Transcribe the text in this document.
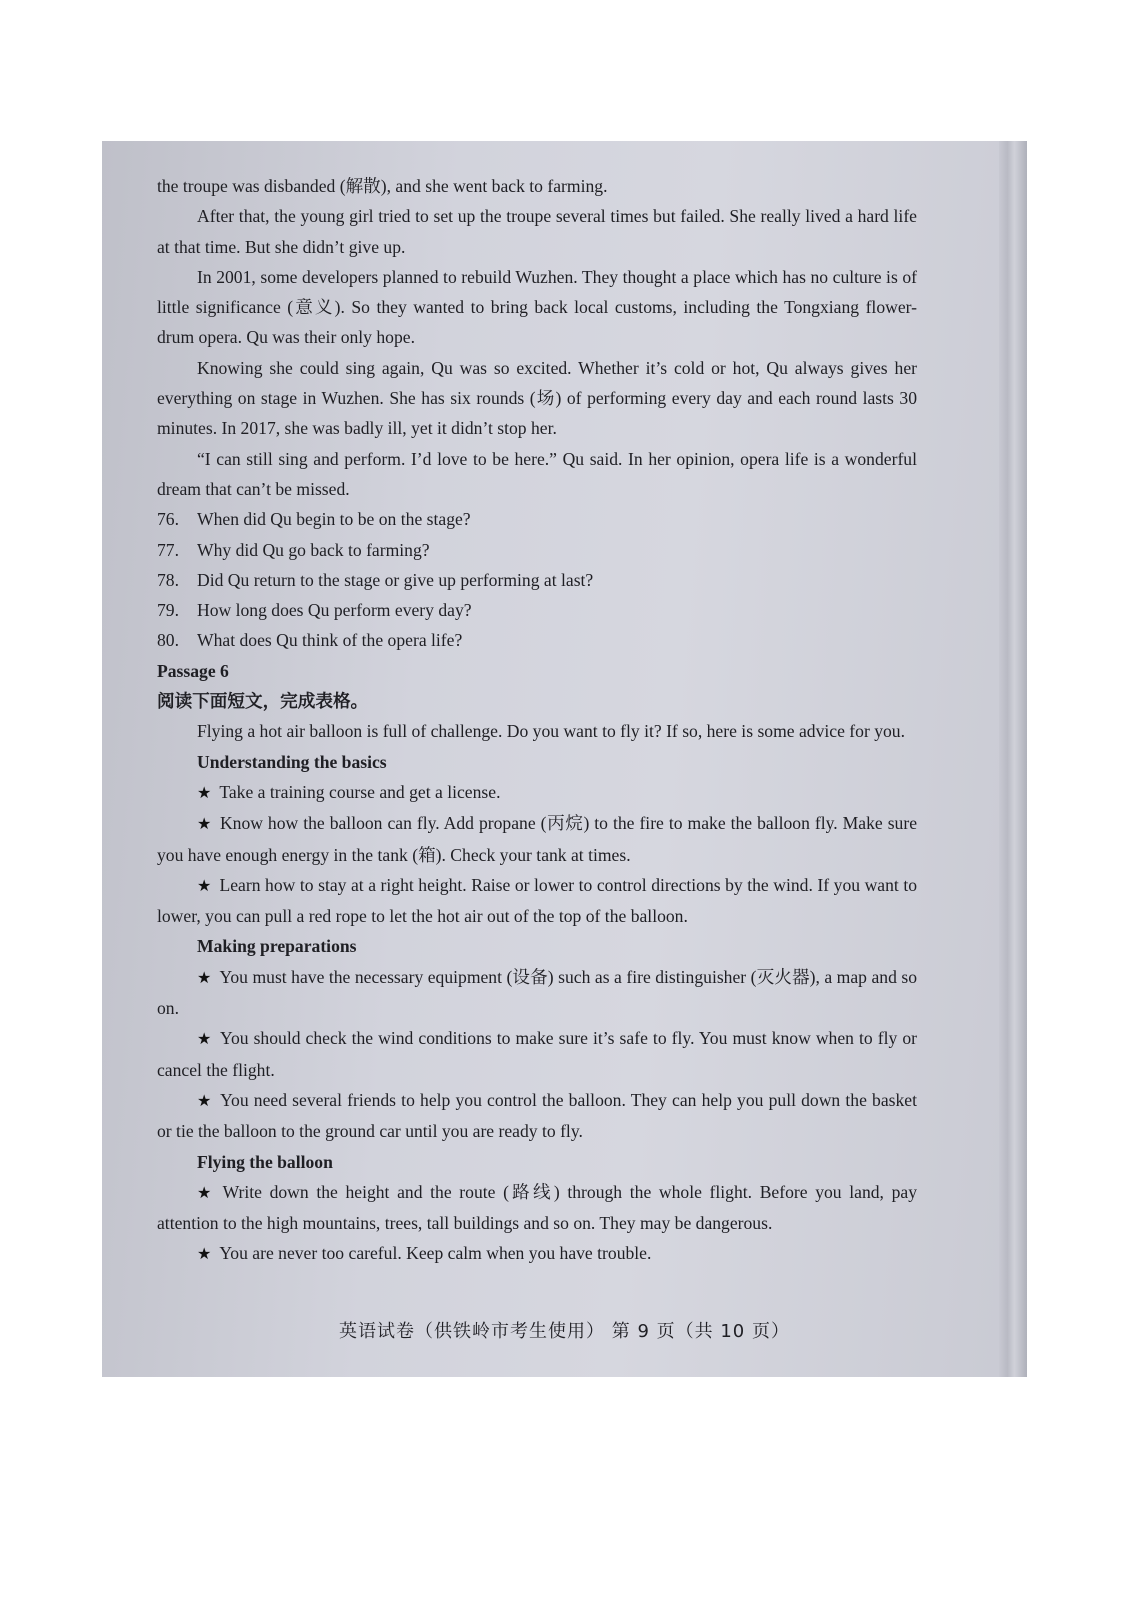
the troupe was disbanded (解散), and she went back to farming.

After that, the young girl tried to set up the troupe several times but failed. She really lived a hard life at that time. But she didn’t give up.

In 2001, some developers planned to rebuild Wuzhen. They thought a place which has no culture is of little significance (意义). So they wanted to bring back local customs, including the Tongxiang flower-drum opera. Qu was their only hope.

Knowing she could sing again, Qu was so excited. Whether it’s cold or hot, Qu always gives her everything on stage in Wuzhen. She has six rounds (场) of performing every day and each round lasts 30 minutes. In 2017, she was badly ill, yet it didn’t stop her.

“I can still sing and perform. I’d love to be here.” Qu said. In her opinion, opera life is a wonderful dream that can’t be missed.

76.	When did Qu begin to be on the stage?
77.	Why did Qu go back to farming?
78.	Did Qu return to the stage or give up performing at last?
79.	How long does Qu perform every day?
80.	What does Qu think of the opera life?

Passage 6

阅读下面短文，完成表格。

Flying a hot air balloon is full of challenge. Do you want to fly it? If so, here is some advice for you.

Understanding the basics

★ Take a training course and get a license.

★ Know how the balloon can fly. Add propane (丙烷) to the fire to make the balloon fly. Make sure you have enough energy in the tank (箱). Check your tank at times.

★ Learn how to stay at a right height. Raise or lower to control directions by the wind. If you want to lower, you can pull a red rope to let the hot air out of the top of the balloon.

Making preparations

★ You must have the necessary equipment (设备) such as a fire distinguisher (灭火器), a map and so on.

★ You should check the wind conditions to make sure it’s safe to fly. You must know when to fly or cancel the flight.

★ You need several friends to help you control the balloon. They can help you pull down the basket or tie the balloon to the ground car until you are ready to fly.

Flying the balloon

★ Write down the height and the route (路线) through the whole flight. Before you land, pay attention to the high mountains, trees, tall buildings and so on. They may be dangerous.

★ You are never too careful. Keep calm when you have trouble.

英语试卷（供铁岭市考生使用） 第 9 页（共 10 页）
